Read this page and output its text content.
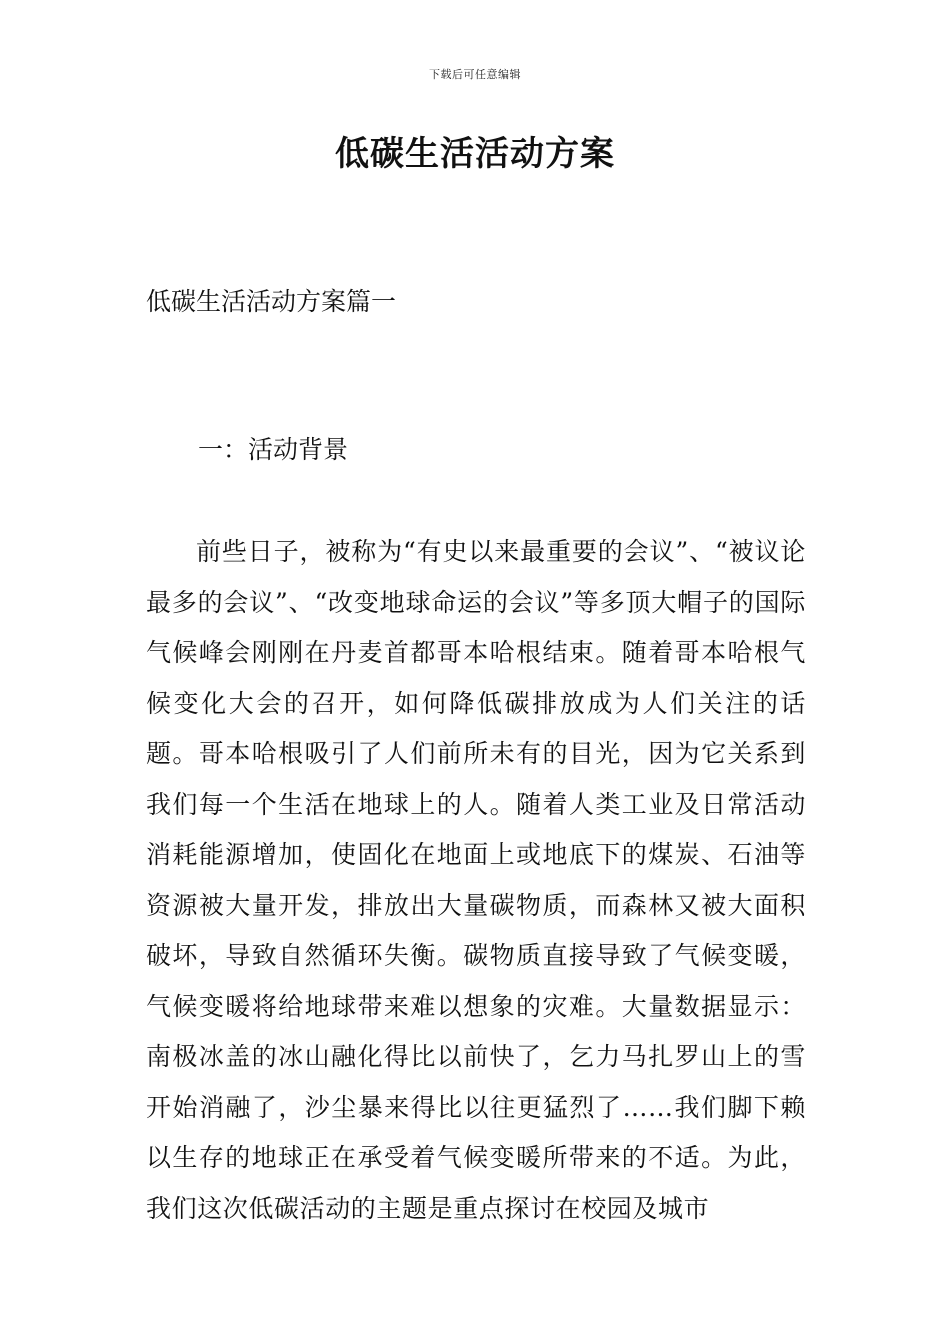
下载后可任意编辑
低碳生活活动方案
低碳生活活动方案篇一
一：活动背景

前些日子，被称为“有史以来最重要的会议”、“被议论最多的会议”、“改变地球命运的会议”等多顶大帽子的国际气候峰会刚刚在丹麦首都哥本哈根结束。随着哥本哈根气候变化大会的召开，如何降低碳排放成为人们关注的话题。哥本哈根吸引了人们前所未有的目光，因为它关系到我们每一个生活在地球上的人。随着人类工业及日常活动消耗能源增加，使固化在地面上或地底下的煤炭、石油等资源被大量开发，排放出大量碳物质，而森林又被大面积破坏，导致自然循环失衡。碳物质直接导致了气候变暖，气候变暖将给地球带来难以想象的灾难。大量数据显示：南极冰盖的冰山融化得比以前快了，乞力马扎罗山上的雪开始消融了，沙尘暴来得比以往更猛烈了……我们脚下赖以生存的地球正在承受着气候变暖所带来的不适。为此，我们这次低碳活动的主题是重点探讨在校园及城市
